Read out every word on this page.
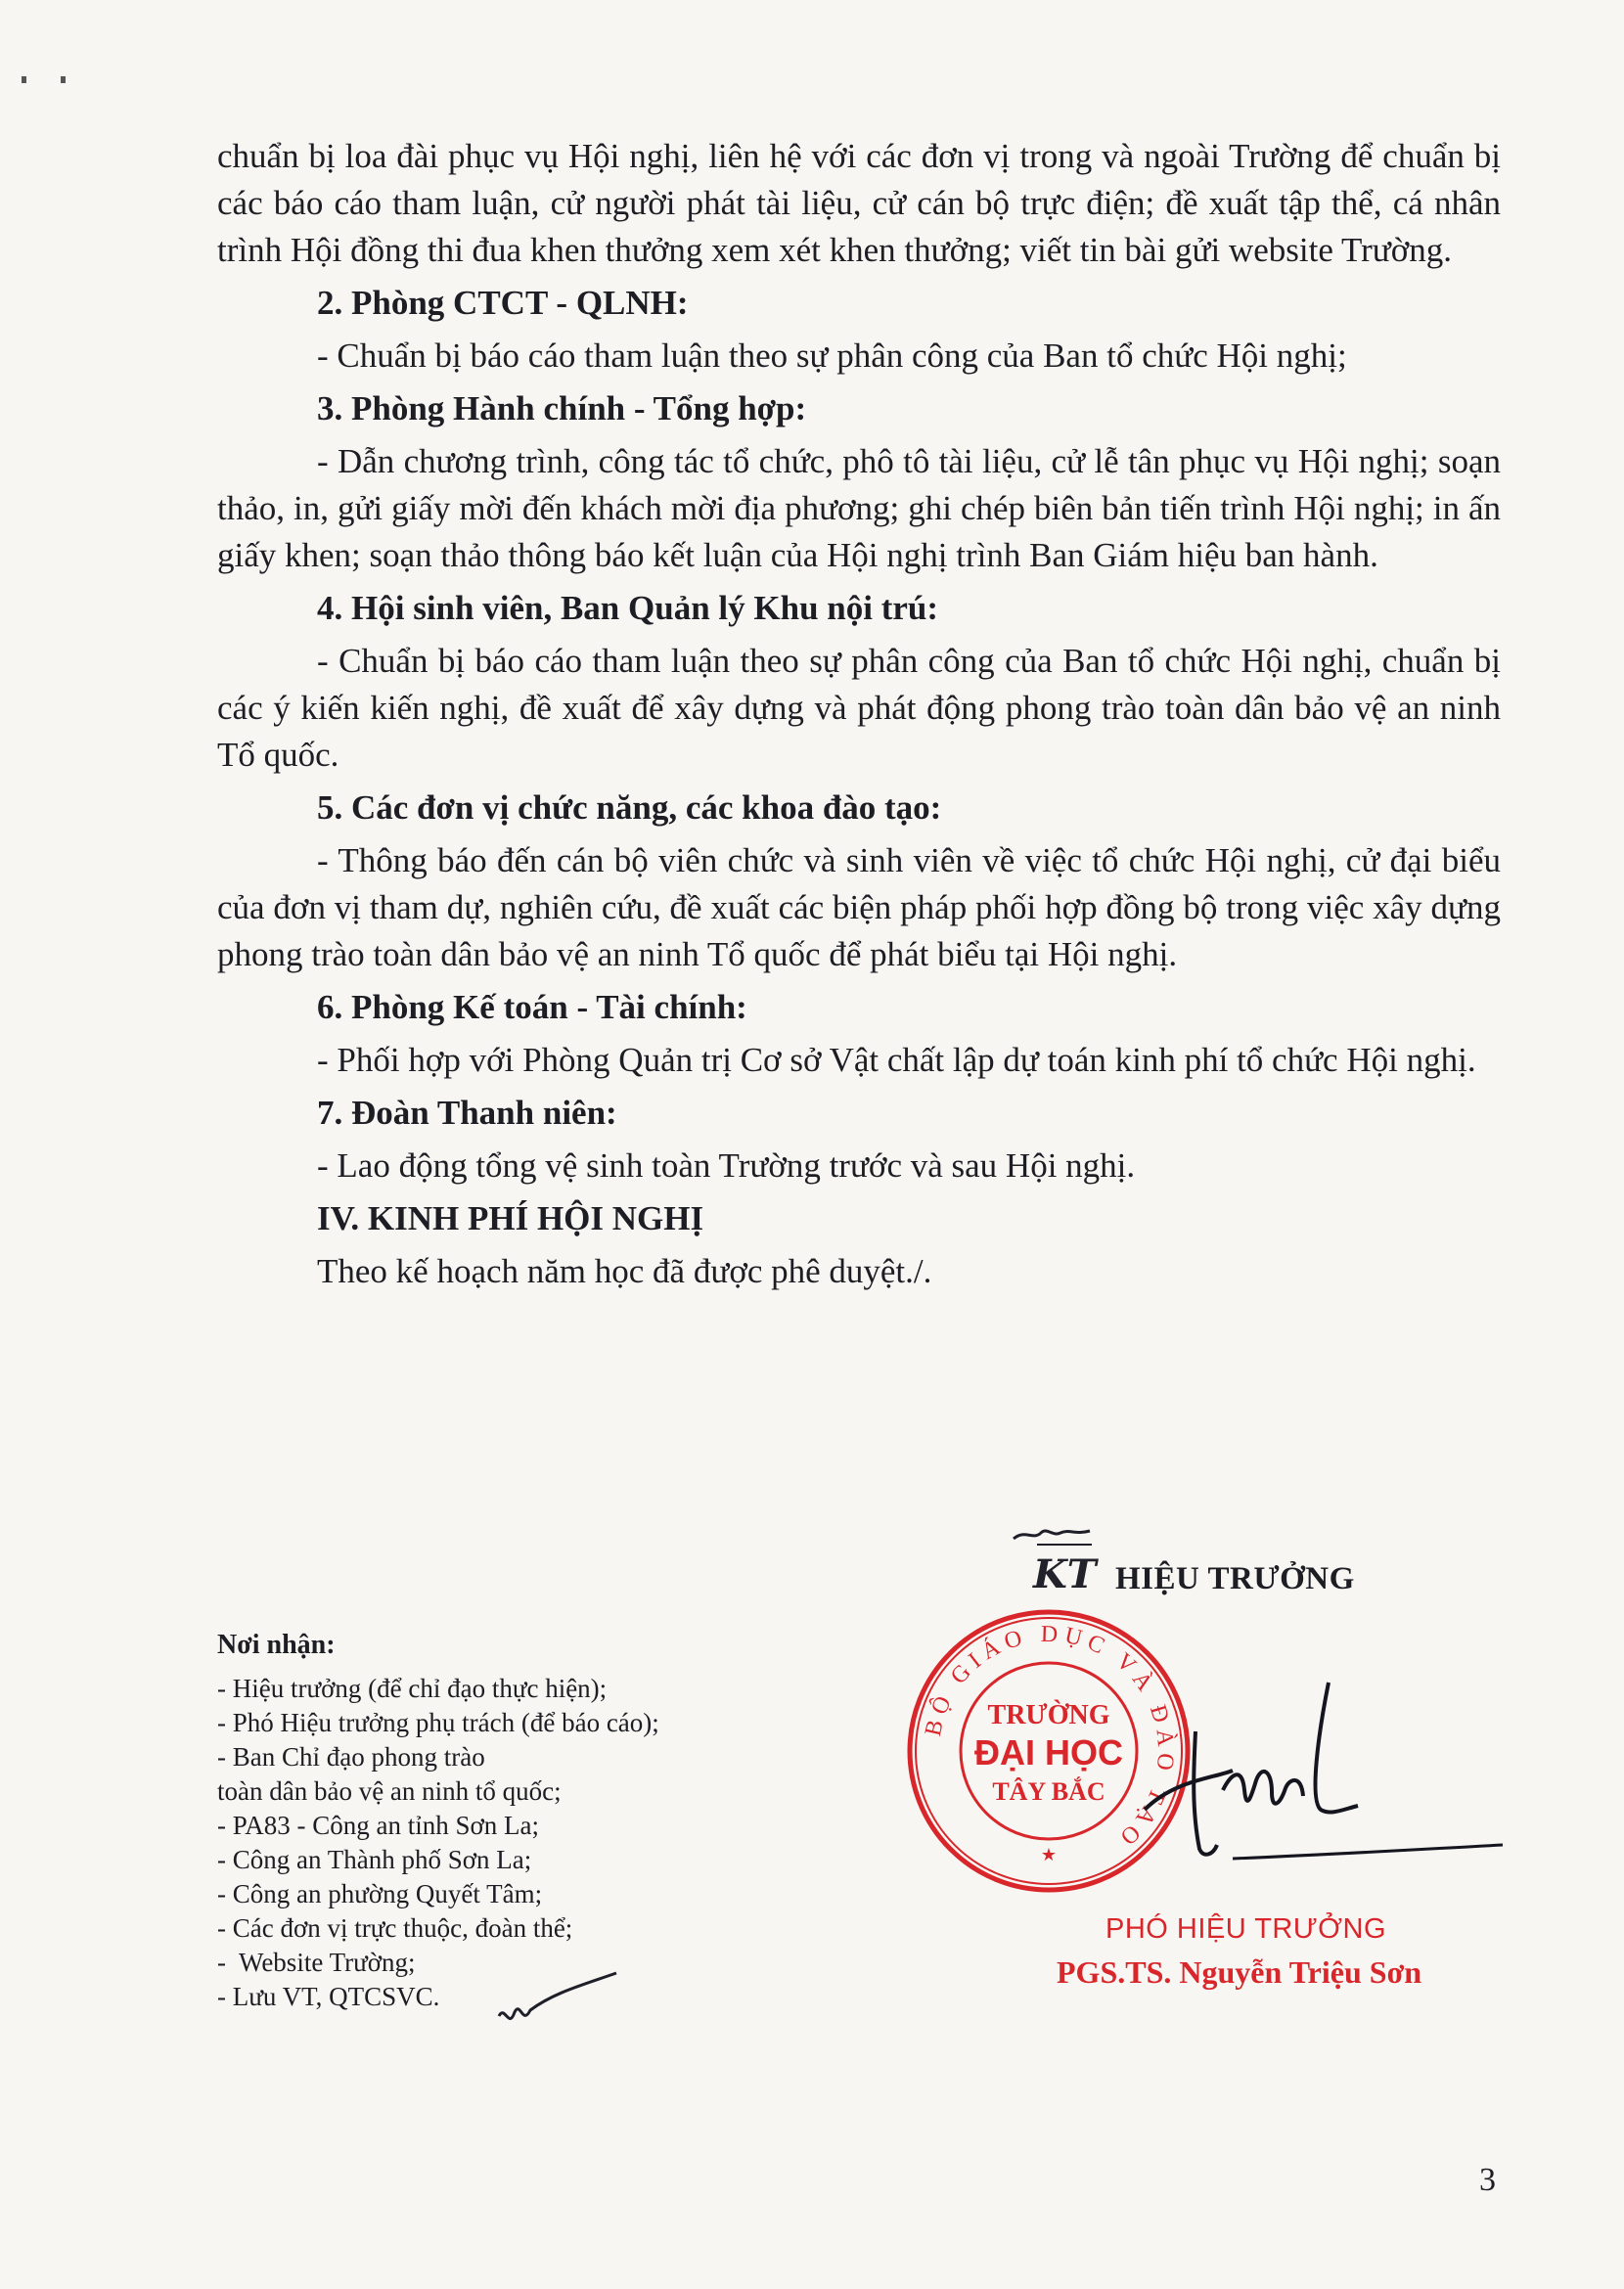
chuẩn bị loa đài phục vụ Hội nghị, liên hệ với các đơn vị trong và ngoài Trường để chuẩn bị các báo cáo tham luận, cử người phát tài liệu, cử cán bộ trực điện; đề xuất tập thể, cá nhân trình Hội đồng thi đua khen thưởng xem xét khen thưởng; viết tin bài gửi website Trường.

2. Phòng CTCT - QLNH:

- Chuẩn bị báo cáo tham luận theo sự phân công của Ban tổ chức Hội nghị;

3. Phòng Hành chính - Tổng hợp:

- Dẫn chương trình, công tác tổ chức, phô tô tài liệu, cử lễ tân phục vụ Hội nghị; soạn thảo, in, gửi giấy mời đến khách mời địa phương; ghi chép biên bản tiến trình Hội nghị; in ấn giấy khen; soạn thảo thông báo kết luận của Hội nghị trình Ban Giám hiệu ban hành.

4. Hội sinh viên, Ban Quản lý Khu nội trú:

- Chuẩn bị báo cáo tham luận theo sự phân công của Ban tổ chức Hội nghị, chuẩn bị các ý kiến kiến nghị, đề xuất để xây dựng và phát động phong trào toàn dân bảo vệ an ninh Tổ quốc.

5. Các đơn vị chức năng, các khoa đào tạo:

- Thông báo đến cán bộ viên chức và sinh viên về việc tổ chức Hội nghị, cử đại biểu của đơn vị tham dự, nghiên cứu, đề xuất các biện pháp phối hợp đồng bộ trong việc xây dựng phong trào toàn dân bảo vệ an ninh Tổ quốc để phát biểu tại Hội nghị.

6. Phòng Kế toán - Tài chính:

- Phối hợp với Phòng Quản trị Cơ sở Vật chất lập dự toán kinh phí tổ chức Hội nghị.

7. Đoàn Thanh niên:

- Lao động tổng vệ sinh toàn Trường trước và sau Hội nghị.

IV. KINH PHÍ HỘI NGHỊ

Theo kế hoạch năm học đã được phê duyệt./.

KT HIỆU TRƯỞNG
Nơi nhận:
- Hiệu trưởng (để chỉ đạo thực hiện);
- Phó Hiệu trưởng phụ trách (để báo cáo);
- Ban Chỉ đạo phong trào
toàn dân bảo vệ an ninh tổ quốc;
- PA83 - Công an tỉnh Sơn La;
- Công an Thành phố Sơn La;
- Công an phường Quyết Tâm;
- Các đơn vị trực thuộc, đoàn thể;
-  Website Trường;
- Lưu VT, QTCSVC.
BỘ GIÁO DỤC VÀ ĐÀO TẠO
TRƯỜNG
ĐẠI HỌC
TÂY BẮC
★
PHÓ HIỆU TRƯỞNG
PGS.TS. Nguyễn Triệu Sơn
3
